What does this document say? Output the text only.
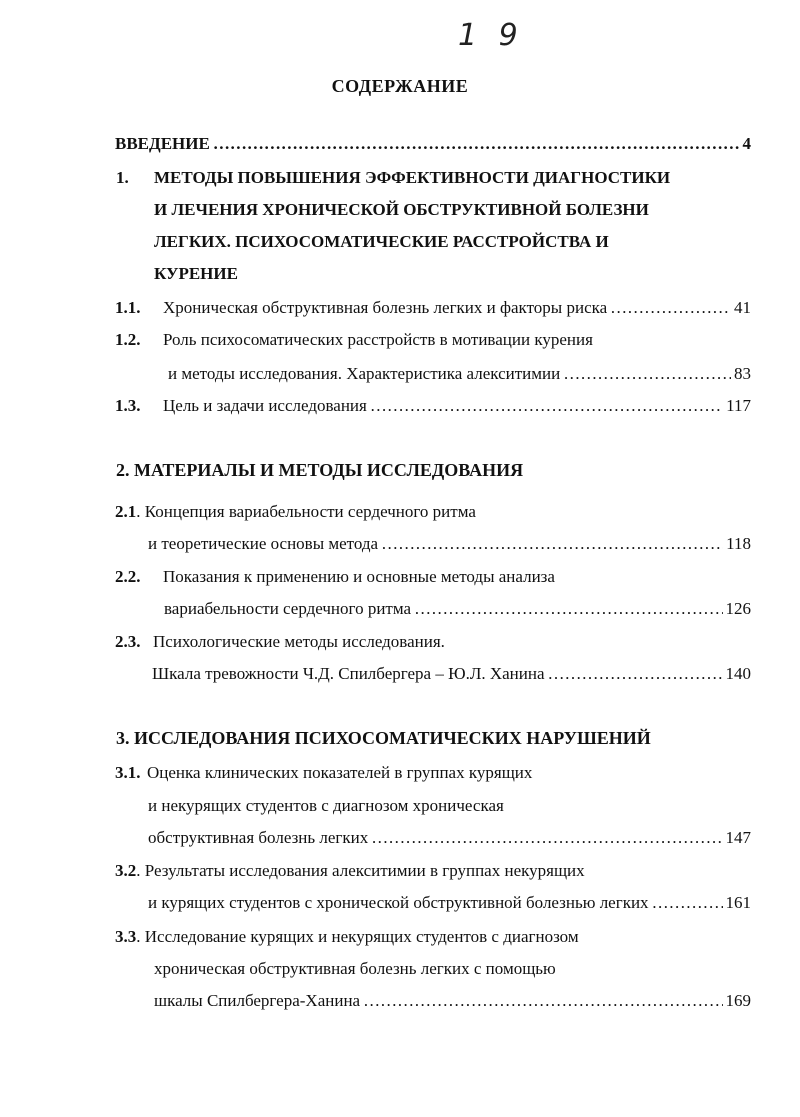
1 9
СОДЕРЖАНИЕ
ВВЕДЕНИЕ ………………………………………………………………………………………………………………………………………	4
1. МЕТОДЫ ПОВЫШЕНИЯ ЭФФЕКТИВНОСТИ ДИАГНОСТИКИ
И ЛЕЧЕНИЯ ХРОНИЧЕСКОЙ ОБСТРУКТИВНОЙ БОЛЕЗНИ
ЛЕГКИХ. ПСИХОСОМАТИЧЕСКИЕ РАССТРОЙСТВА И
КУРЕНИЕ
1.1. Хроническая обструктивная болезнь легких и факторы риска ………………………………………………………………………………………………………………………………………	41
1.2. Роль психосоматических расстройств в мотивации курения
и методы исследования. Характеристика алекситимии ………………………………………………………………………………………………………………………………………	83
1.3. Цель и задачи исследования ………………………………………………………………………………………………………………………………………	117
2. МАТЕРИАЛЫ И МЕТОДЫ ИССЛЕДОВАНИЯ
2.1. Концепция вариабельности сердечного ритма
и теоретические основы метода ………………………………………………………………………………………………………………………………………	118
2.2. Показания к применению и основные методы анализа
вариабельности сердечного ритма ………………………………………………………………………………………………………………………………………	126
2.3. Психологические методы исследования.
Шкала тревожности Ч.Д. Спилбергера – Ю.Л. Ханина ………………………………………………………………………………………………………………………………………	140
3. ИССЛЕДОВАНИЯ ПСИХОСОМАТИЧЕСКИХ НАРУШЕНИЙ
3.1. Оценка клинических показателей в группах курящих
и некурящих студентов с диагнозом хроническая
обструктивная болезнь легких ………………………………………………………………………………………………………………………………………	147
3.2. Результаты исследования алекситимии в группах некурящих
и курящих студентов с хронической обструктивной болезнью легких ………………………………………………………………………………………………………………………………………	161
3.3. Исследование курящих и некурящих студентов с диагнозом
хроническая обструктивная болезнь легких с помощью
шкалы Спилбергера-Ханина ………………………………………………………………………………………………………………………………………	169
